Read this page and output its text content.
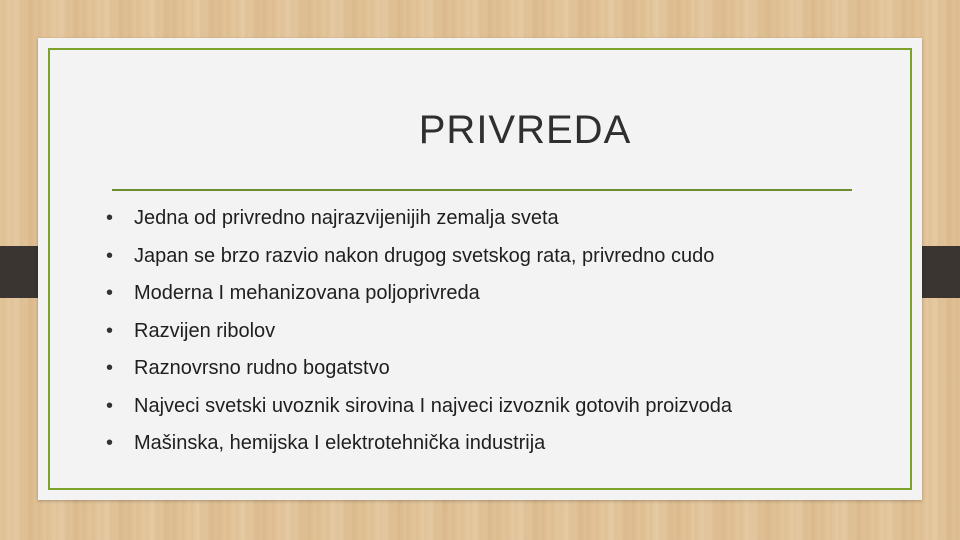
PRIVREDA
•	Jedna od privredno najrazvijenijih zemalja sveta
•	Japan se brzo razvio nakon drugog svetskog rata, privredno cudo
•	Moderna I mehanizovana poljoprivreda
•	Razvijen ribolov
•	Raznovrsno rudno bogatstvo
•	Najveci svetski uvoznik sirovina I najveci izvoznik gotovih proizvoda
•	Mašinska, hemijska I elektrotehnička industrija
